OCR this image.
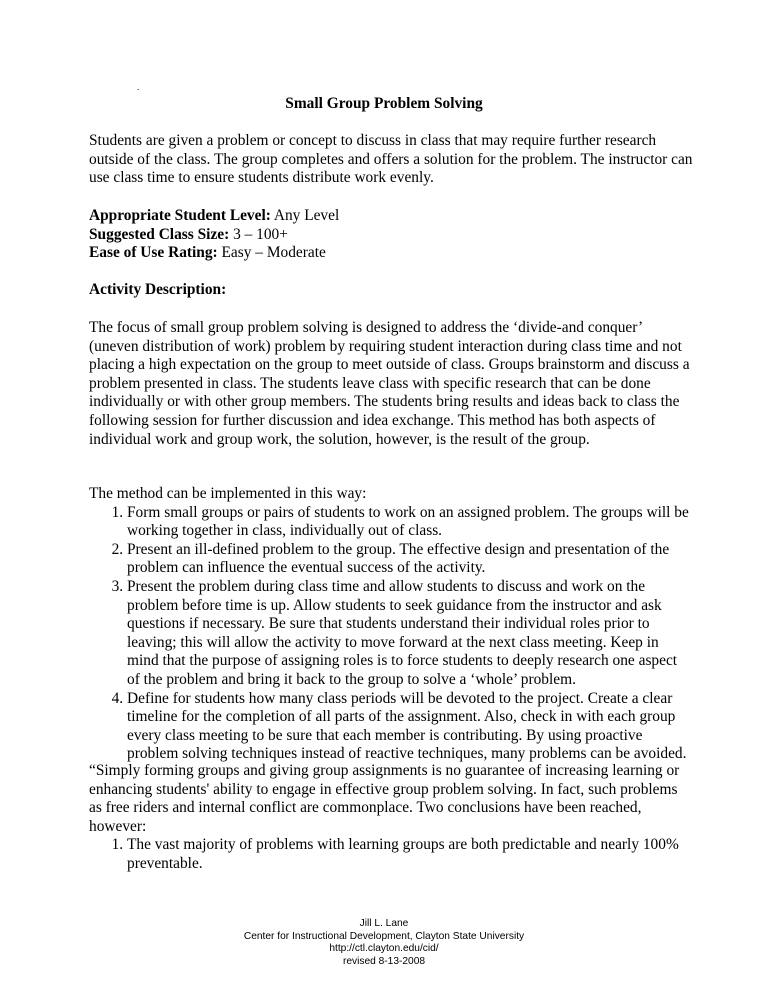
.
Small Group Problem Solving

Students are given a problem or concept to discuss in class that may require further research outside of the class. The group completes and offers a solution for the problem. The instructor can use class time to ensure students distribute work evenly.

Appropriate Student Level: Any Level
Suggested Class Size: 3 – 100+
Ease of Use Rating: Easy – Moderate

Activity Description:

The focus of small group problem solving is designed to address the ‘divide-and conquer’ (uneven distribution of work) problem by requiring student interaction during class time and not placing a high expectation on the group to meet outside of class. Groups brainstorm and discuss a problem presented in class. The students leave class with specific research that can be done individually or with other group members. The students bring results and ideas back to class the following session for further discussion and idea exchange. This method has both aspects of individual work and group work, the solution, however, is the result of the group.

The method can be implemented in this way:

1. Form small groups or pairs of students to work on an assigned problem. The groups will be working together in class, individually out of class.
2. Present an ill-defined problem to the group. The effective design and presentation of the problem can influence the eventual success of the activity.
3. Present the problem during class time and allow students to discuss and work on the problem before time is up. Allow students to seek guidance from the instructor and ask questions if necessary. Be sure that students understand their individual roles prior to leaving; this will allow the activity to move forward at the next class meeting. Keep in mind that the purpose of assigning roles is to force students to deeply research one aspect of the problem and bring it back to the group to solve a ‘whole’ problem.
4. Define for students how many class periods will be devoted to the project. Create a clear timeline for the completion of all parts of the assignment. Also, check in with each group every class meeting to be sure that each member is contributing. By using proactive problem solving techniques instead of reactive techniques, many problems can be avoided.

“Simply forming groups and giving group assignments is no guarantee of increasing learning or enhancing students' ability to engage in effective group problem solving. In fact, such problems as free riders and internal conflict are commonplace. Two conclusions have been reached, however:

1. The vast majority of problems with learning groups are both predictable and nearly 100% preventable.
Jill L. Lane
Center for Instructional Development, Clayton State University
http://ctl.clayton.edu/cid/
revised 8-13-2008
